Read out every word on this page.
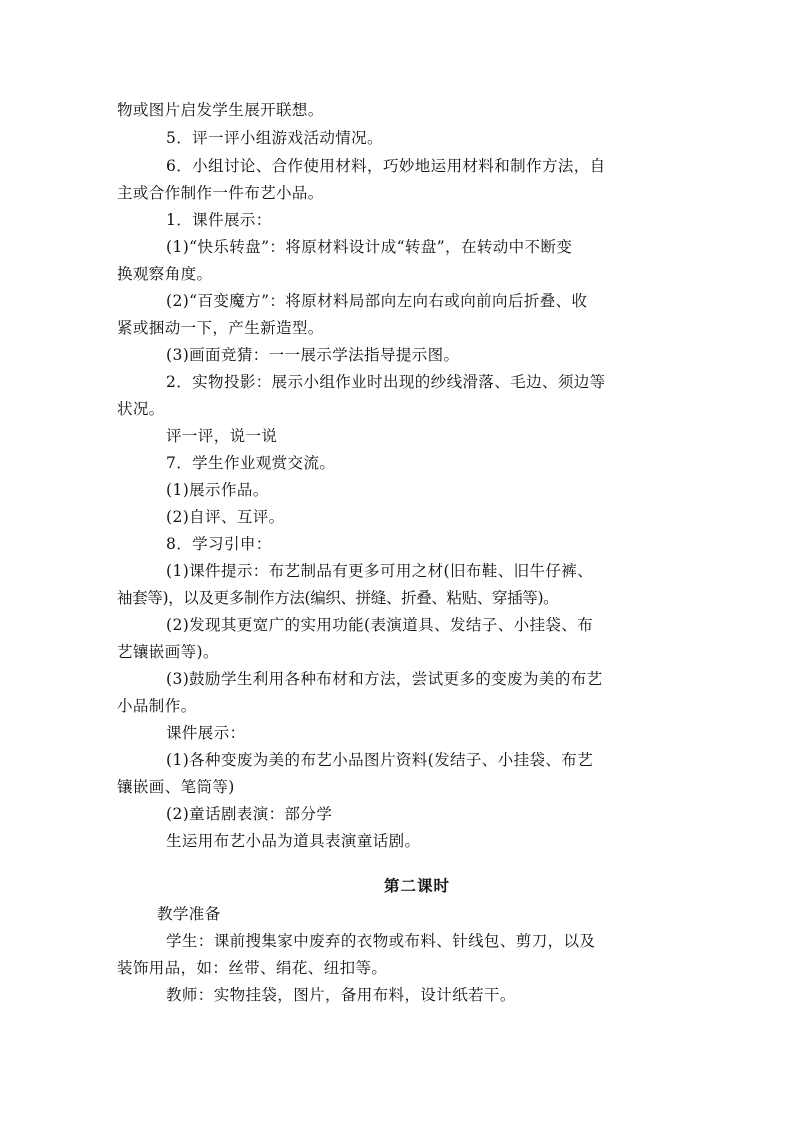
物或图片启发学生展开联想。
5．评一评小组游戏活动情况。
6．小组讨论、合作使用材料，巧妙地运用材料和制作方法，自
主或合作制作一件布艺小品。
1．课件展示：
(1)“快乐转盘”：将原材料设计成“转盘”，在转动中不断变
换观察角度。
(2)“百变魔方”：将原材料局部向左向右或向前向后折叠、收
紧或捆动一下，产生新造型。
(3)画面竞猜：一一展示学法指导提示图。
2．实物投影：展示小组作业时出现的纱线滑落、毛边、须边等
状况。
评一评，说一说
7．学生作业观赏交流。
(1)展示作品。
(2)自评、互评。
8．学习引申：
(1)课件提示：布艺制品有更多可用之材(旧布鞋、旧牛仔裤、
袖套等)，以及更多制作方法(编织、拼缝、折叠、粘贴、穿插等)。
(2)发现其更宽广的实用功能(表演道具、发结子、小挂袋、布
艺镶嵌画等)。
(3)鼓励学生利用各种布材和方法，尝试更多的变废为美的布艺
小品制作。
课件展示：
(1)各种变废为美的布艺小品图片资料(发结子、小挂袋、布艺
镶嵌画、笔筒等)
(2)童话剧表演：部分学
生运用布艺小品为道具表演童话剧。
第二课时
教学准备
学生：课前搜集家中废弃的衣物或布料、针线包、剪刀，以及
装饰用品，如：丝带、绢花、纽扣等。
教师：实物挂袋，图片，备用布料，设计纸若干。
